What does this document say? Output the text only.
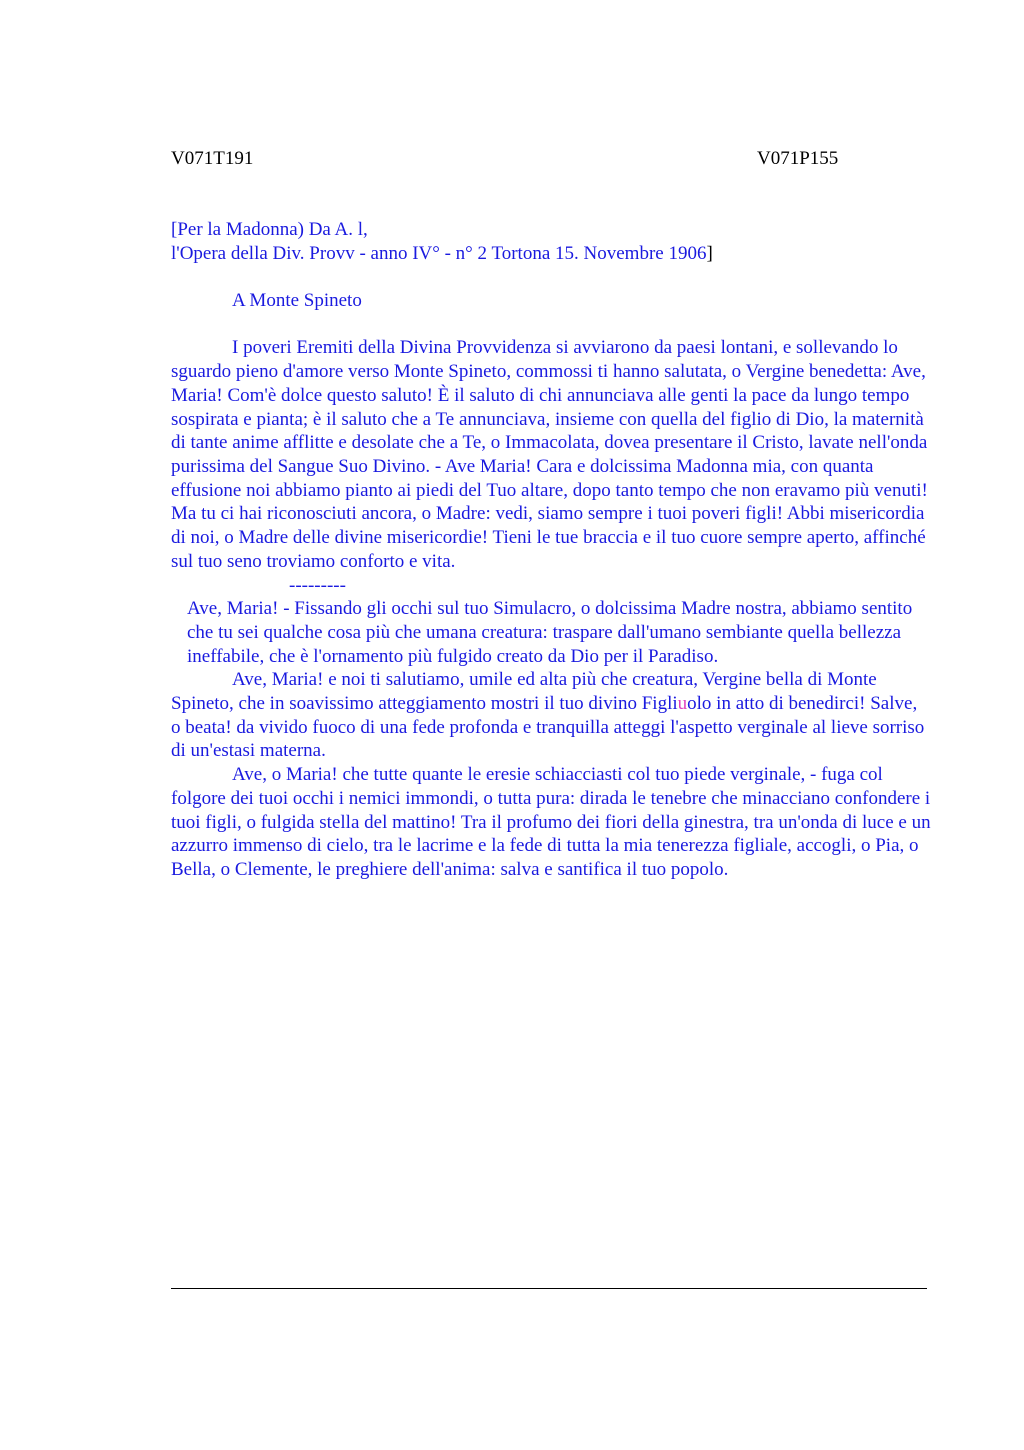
V071T191	V071P155

[Per la Madonna) Da A. l,

l'Opera della Div. Provv - anno IV° - n° 2 Tortona 15. Novembre 1906]

A Monte Spineto

I poveri Eremiti della Divina Provvidenza si avviarono da paesi lontani, e sollevando lo sguardo pieno d'amore verso Monte Spineto, commossi ti hanno salutata, o Vergine benedetta: Ave, Maria! Com'è dolce questo saluto! È il saluto di chi annunciava alle genti la pace da lungo tempo sospirata e pianta; è il saluto che a Te annunciava, insieme con quella del figlio di Dio, la maternità di tante anime afflitte e desolate che a Te, o Immacolata, dovea presentare il Cristo, lavate nell'onda purissima del Sangue Suo Divino. - Ave Maria! Cara e dolcissima Madonna mia, con quanta effusione noi abbiamo pianto ai piedi del Tuo altare, dopo tanto tempo che non eravamo più venuti! Ma tu ci hai riconosciuti ancora, o Madre: vedi, siamo sempre i tuoi poveri figli! Abbi misericordia di noi, o Madre delle divine misericordie! Tieni le tue braccia e il tuo cuore sempre aperto, affinché sul tuo seno troviamo conforto e vita.

---------

Ave, Maria! - Fissando gli occhi sul tuo Simulacro, o dolcissima Madre nostra, abbiamo sentito che tu sei qualche cosa più che umana creatura: traspare dall'umano sembiante quella bellezza ineffabile, che è l'ornamento più fulgido creato da Dio per il Paradiso.

Ave, Maria! e noi ti salutiamo, umile ed alta più che creatura, Vergine bella di Monte Spineto, che in soavissimo atteggiamento mostri il tuo divino Figliuolo in atto di benedirci! Salve, o beata! da vivido fuoco di una fede profonda e tranquilla atteggi l'aspetto verginale al lieve sorriso di un'estasi materna.

Ave, o Maria! che tutte quante le eresie schiacciasti col tuo piede verginale, - fuga col folgore dei tuoi occhi i nemici immondi, o tutta pura: dirada le tenebre che minacciano confondere i tuoi figli, o fulgida stella del mattino! Tra il profumo dei fiori della ginestra, tra un'onda di luce e un azzurro immenso di cielo, tra le lacrime e la fede di tutta la mia tenerezza figliale, accogli, o Pia, o Bella, o Clemente, le preghiere dell'anima: salva e santifica il tuo popolo.
